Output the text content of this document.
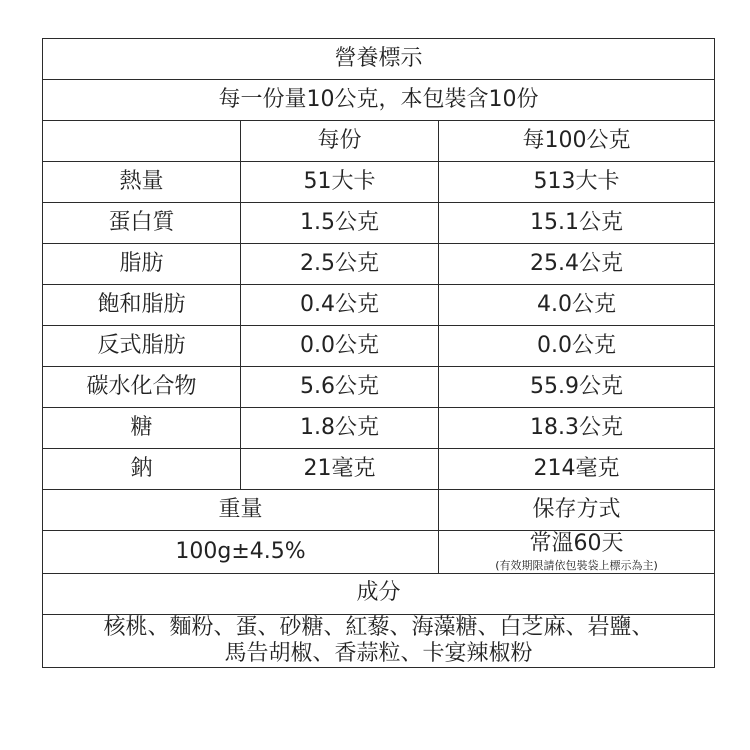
營養標示		
每一份量10公克，本包裝含10份		
	每份	每100公克
熱量	51大卡	513大卡
蛋白質	1.5公克	15.1公克
脂肪	2.5公克	25.4公克
飽和脂肪	0.4公克	4.0公克
反式脂肪	0.0公克	0.0公克
碳水化合物	5.6公克	55.9公克
糖	1.8公克	18.3公克
鈉	21毫克	214毫克
重量		保存方式
100g±4.5%		常溫60天
(有效期限請依包裝袋上標示為主)

成分		

核桃、麵粉、蛋、砂糖、紅藜、海藻糖、白芝麻、岩鹽、
馬告胡椒、香蒜粒、卡宴辣椒粉		
